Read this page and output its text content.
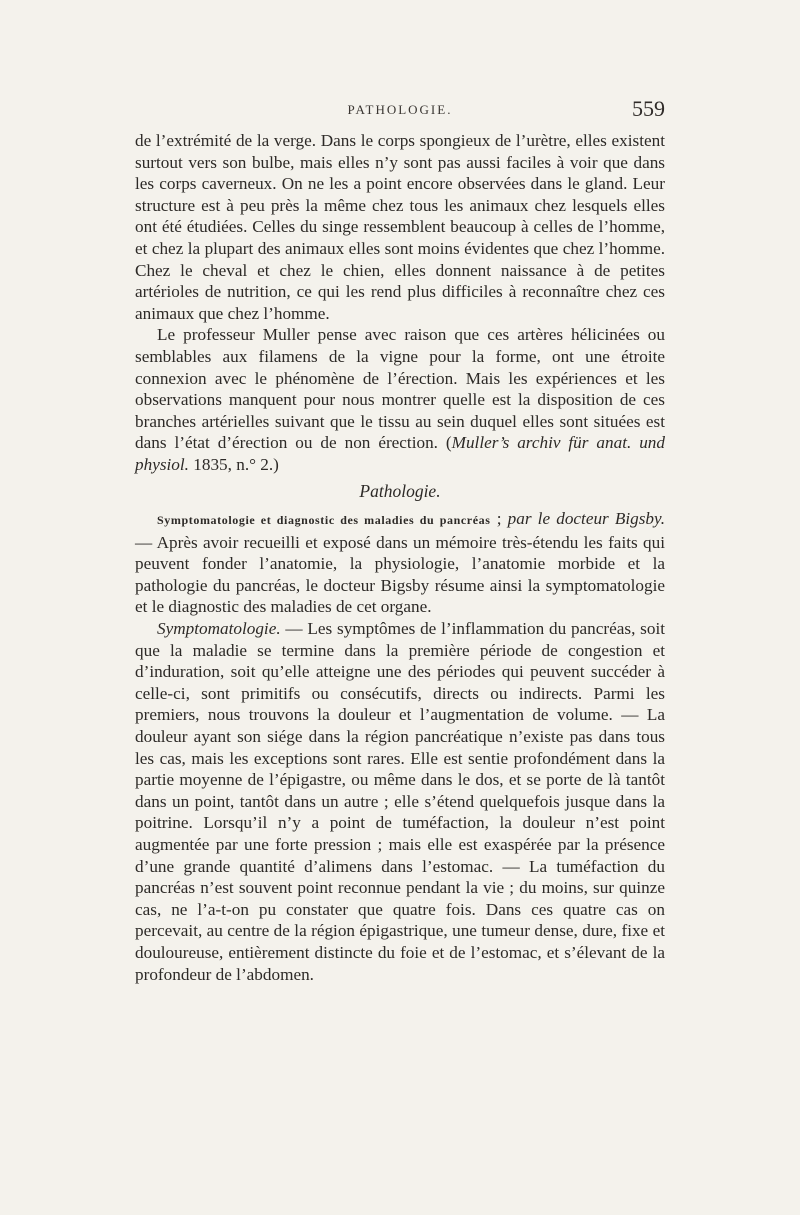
PATHOLOGIE.	559

de l’extrémité de la verge. Dans le corps spongieux de l’urètre, elles existent surtout vers son bulbe, mais elles n’y sont pas aussi faciles à voir que dans les corps caverneux. On ne les a point encore observées dans le gland. Leur structure est à peu près la même chez tous les animaux chez lesquels elles ont été étudiées. Celles du singe ressemblent beaucoup à celles de l’homme, et chez la plupart des animaux elles sont moins évidentes que chez l’homme. Chez le cheval et chez le chien, elles donnent naissance à de petites artérioles de nutrition, ce qui les rend plus difficiles à reconnaître chez ces animaux que chez l’homme.

Le professeur Muller pense avec raison que ces artères hélicinées ou semblables aux filamens de la vigne pour la forme, ont une étroite connexion avec le phénomène de l’érection. Mais les expériences et les observations manquent pour nous montrer quelle est la disposition de ces branches artérielles suivant que le tissu au sein duquel elles sont situées est dans l’état d’érection ou de non érection. (Muller’s archiv für anat. und physiol. 1835, n.° 2.)

Pathologie.

Symptomatologie et diagnostic des maladies du pancréas ; par le docteur Bigsby. — Après avoir recueilli et exposé dans un mémoire très-étendu les faits qui peuvent fonder l’anatomie, la physiologie, l’anatomie morbide et la pathologie du pancréas, le docteur Bigsby résume ainsi la symptomatologie et le diagnostic des maladies de cet organe.

Symptomatologie. — Les symptômes de l’inflammation du pancréas, soit que la maladie se termine dans la première période de congestion et d’induration, soit qu’elle atteigne une des périodes qui peuvent succéder à celle-ci, sont primitifs ou consécutifs, directs ou indirects. Parmi les premiers, nous trouvons la douleur et l’augmentation de volume. — La douleur ayant son siége dans la région pancréatique n’existe pas dans tous les cas, mais les exceptions sont rares. Elle est sentie profondément dans la partie moyenne de l’épigastre, ou même dans le dos, et se porte de là tantôt dans un point, tantôt dans un autre ; elle s’étend quelquefois jusque dans la poitrine. Lorsqu’il n’y a point de tuméfaction, la douleur n’est point augmentée par une forte pression ; mais elle est exaspérée par la présence d’une grande quantité d’alimens dans l’estomac. — La tuméfaction du pancréas n’est souvent point reconnue pendant la vie ; du moins, sur quinze cas, ne l’a-t-on pu constater que quatre fois. Dans ces quatre cas on percevait, au centre de la région épigastrique, une tumeur dense, dure, fixe et douloureuse, entièrement distincte du foie et de l’estomac, et s’élevant de la profondeur de l’abdomen.
